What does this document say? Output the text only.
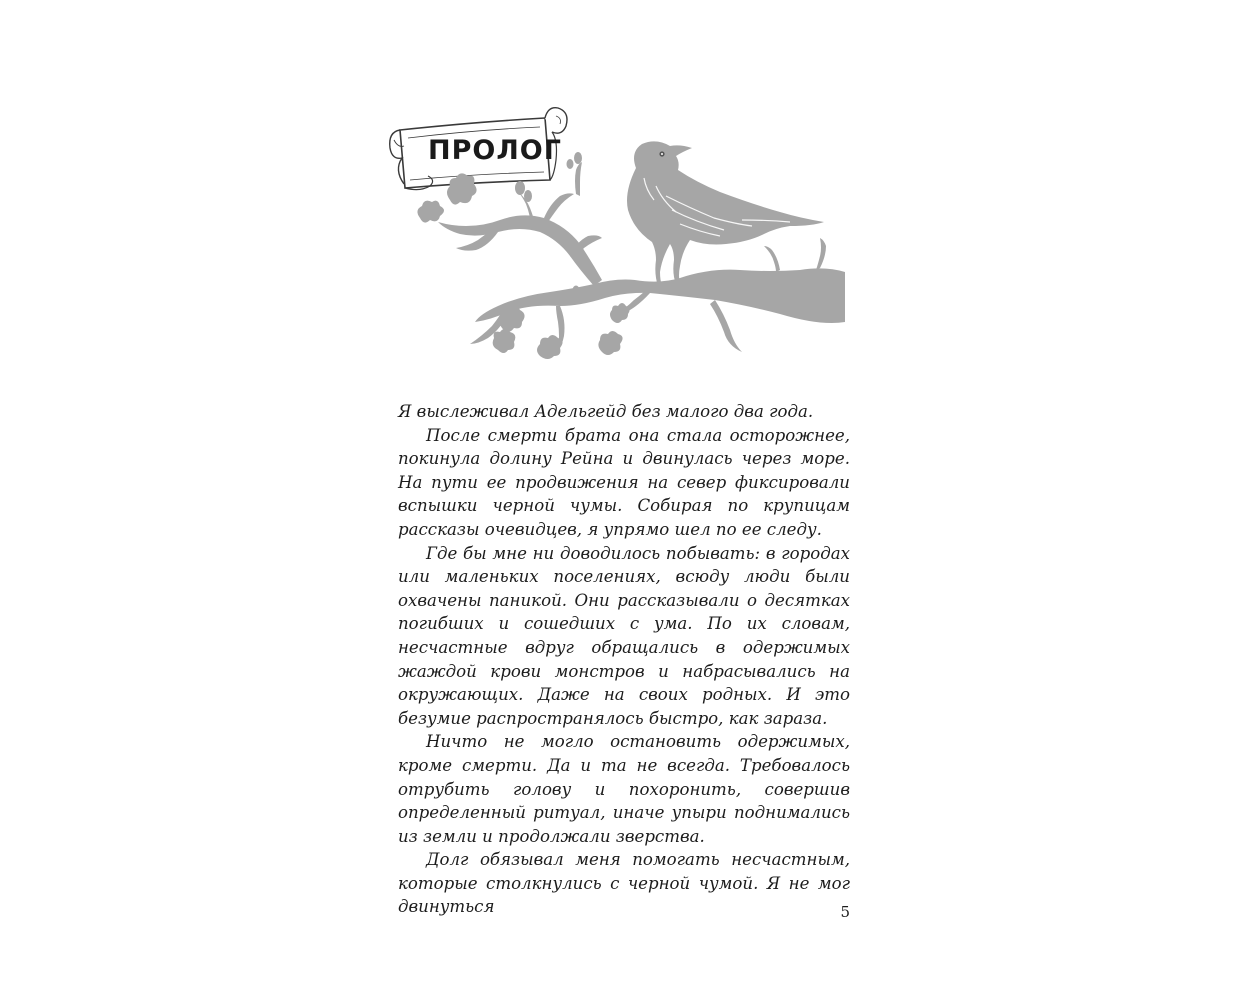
ПРОЛОГ

Я выслеживал Адельгейд без малого два года.

После смерти брата она стала осторожнее, покинула долину Рейна и двинулась через море. На пути ее продвижения на север фиксировали вспышки черной чумы. Собирая по крупицам рассказы очевидцев, я упрямо шел по ее следу.

Где бы мне ни доводилось побывать: в городах или маленьких поселениях, всюду люди были охвачены паникой. Они рассказывали о десятках погибших и сошедших с ума. По их словам, несчастные вдруг обращались в одержимых жаждой крови монстров и набрасывались на окружающих. Даже на своих родных. И это безумие распространялось быстро, как зараза.

Ничто не могло остановить одержимых, кроме смерти. Да и та не всегда. Требовалось отрубить голову и похоронить, совершив определенный ритуал, иначе упыри поднимались из земли и продолжали зверства.

Долг обязывал меня помогать несчастным, которые столкнулись с черной чумой. Я не мог двинуться	5
